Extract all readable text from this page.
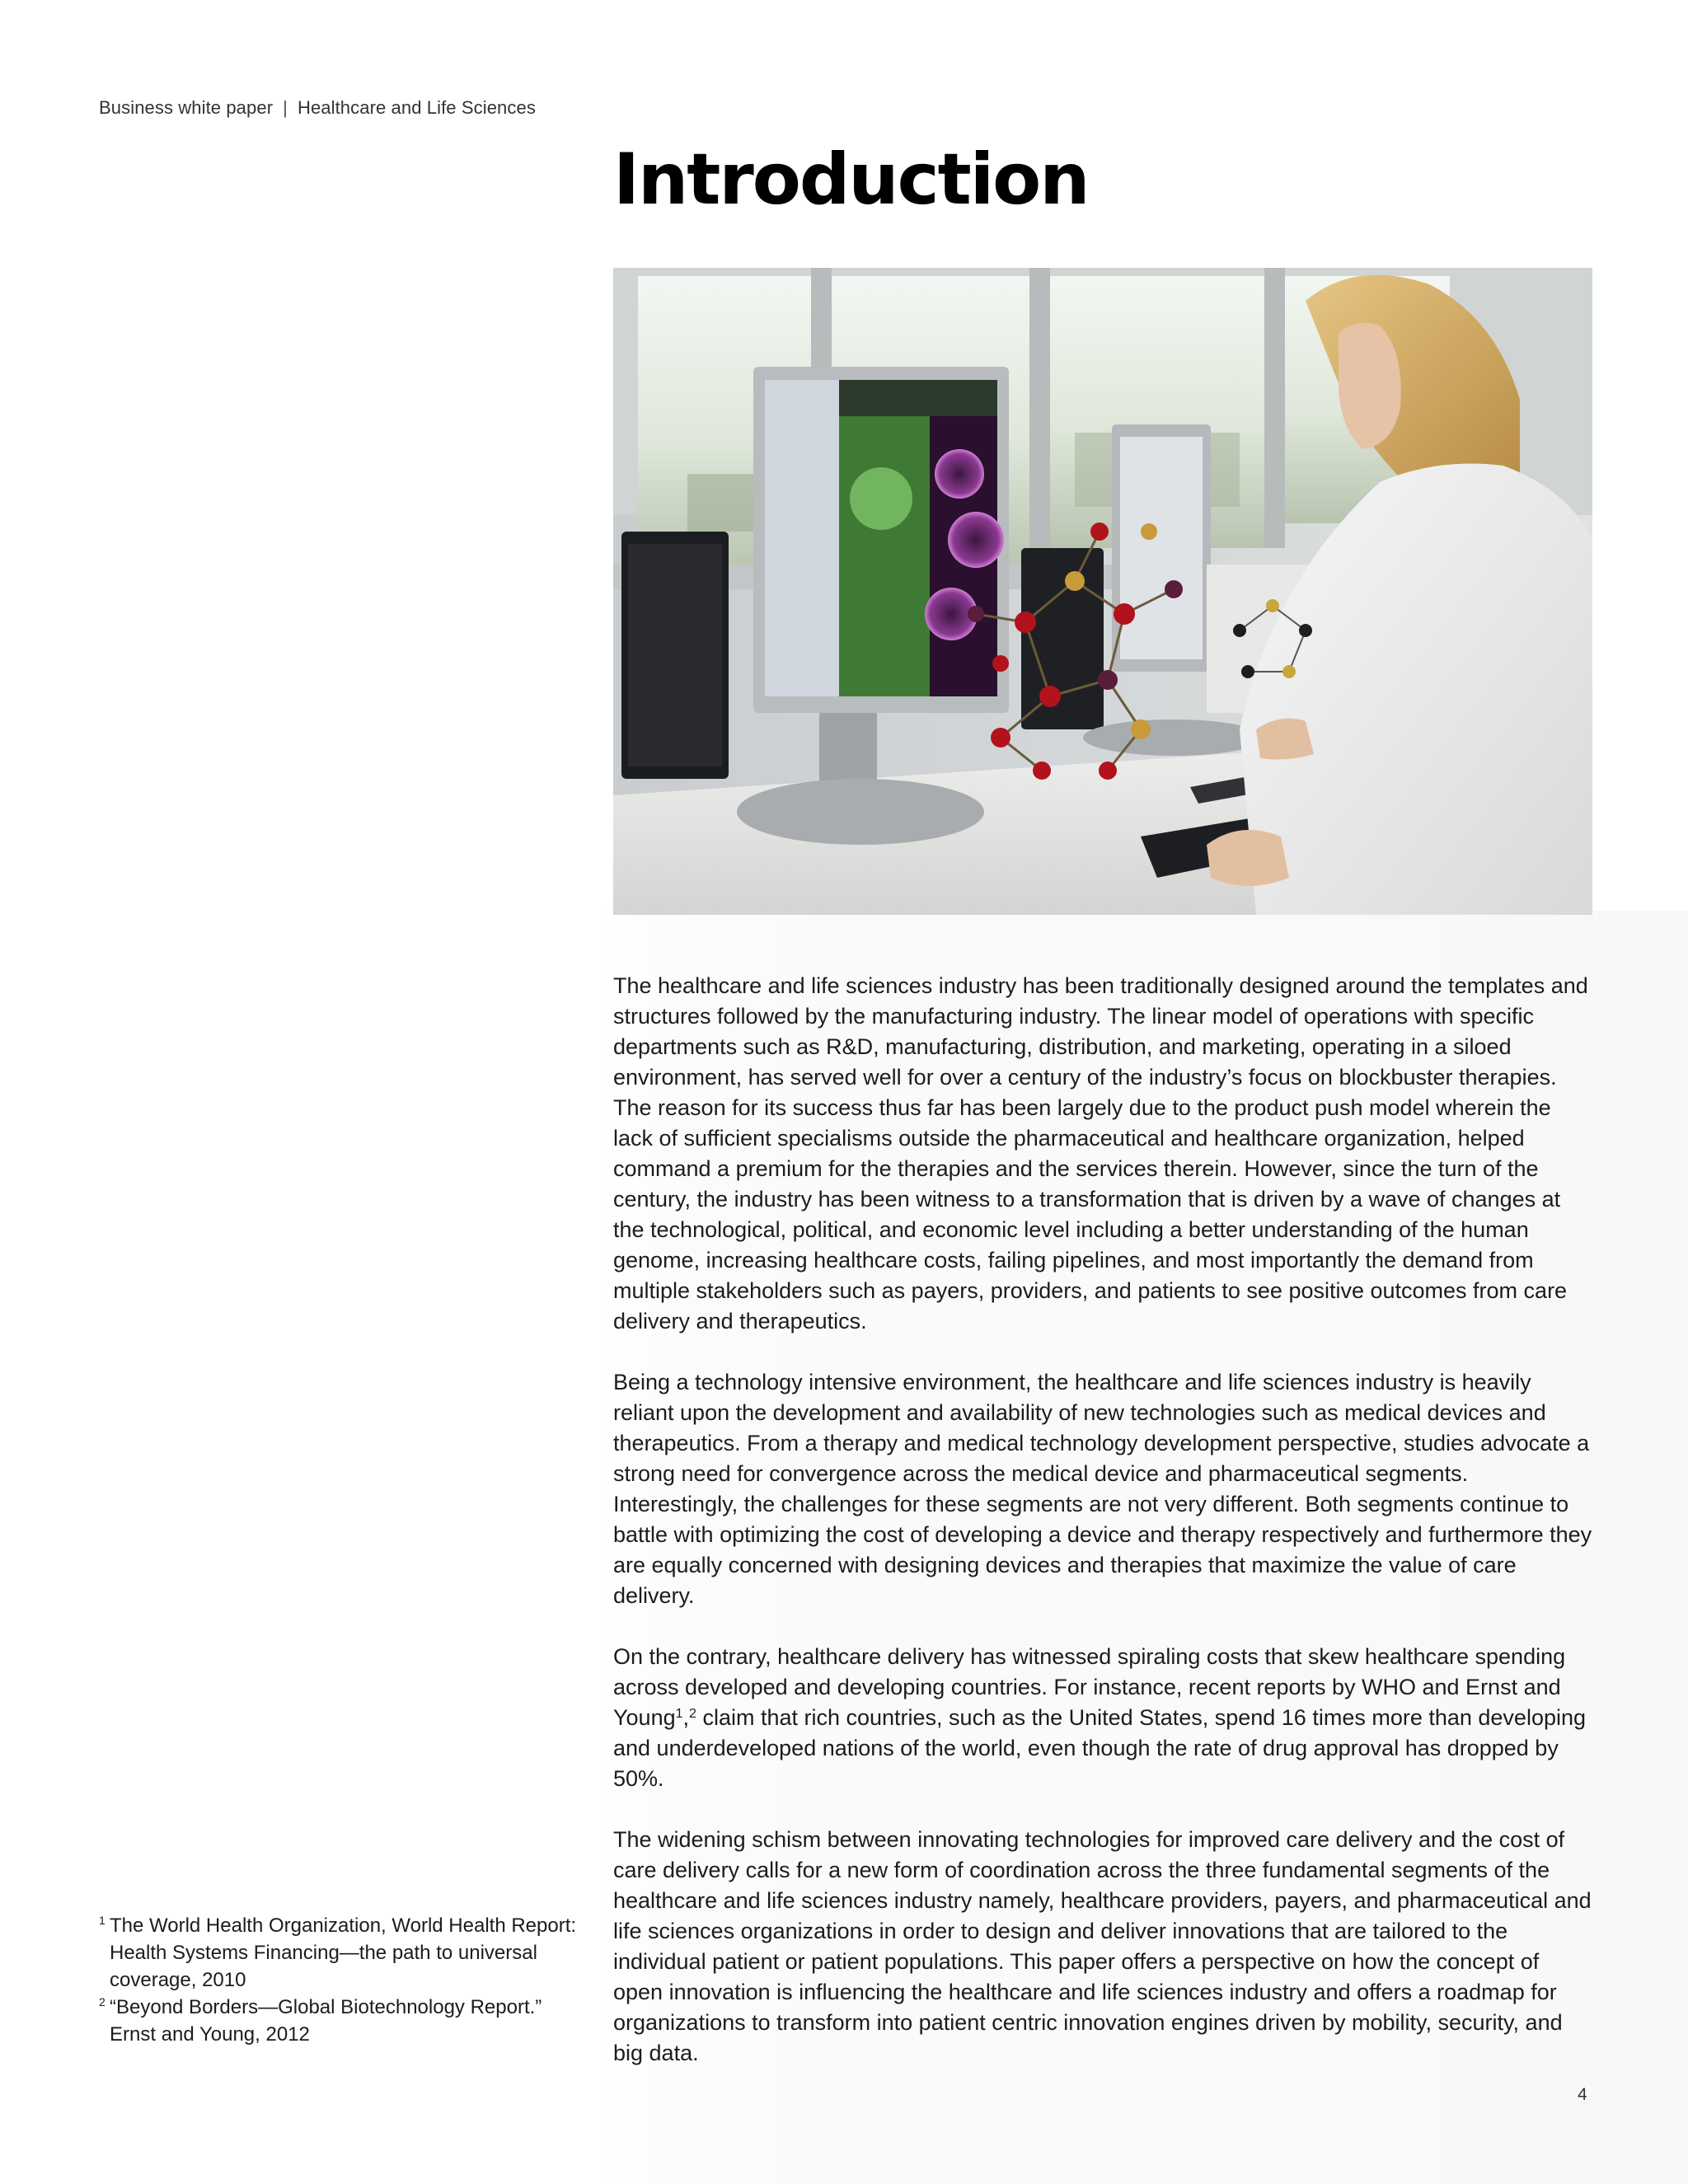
Business white paper | Healthcare and Life Sciences
Introduction

The healthcare and life sciences industry has been traditionally designed around the templates and structures followed by the manufacturing industry. The linear model of operations with specific departments such as R&D, manufacturing, distribution, and marketing, operating in a siloed environment, has served well for over a century of the industry’s focus on blockbuster therapies. The reason for its success thus far has been largely due to the product push model wherein the lack of sufficient specialisms outside the pharmaceutical and healthcare organization, helped command a premium for the therapies and the services therein. However, since the turn of the century, the industry has been witness to a transformation that is driven by a wave of changes at the technological, political, and economic level including a better understanding of the human genome, increasing healthcare costs, failing pipelines, and most importantly the demand from multiple stakeholders such as payers, providers, and patients to see positive outcomes from care delivery and therapeutics.

Being a technology intensive environment, the healthcare and life sciences industry is heavily reliant upon the development and availability of new technologies such as medical devices and therapeutics. From a therapy and medical technology development perspective, studies advocate a strong need for convergence across the medical device and pharmaceutical segments. Interestingly, the challenges for these segments are not very different. Both segments continue to battle with optimizing the cost of developing a device and therapy respectively and furthermore they are equally concerned with designing devices and therapies that maximize the value of care delivery.

On the contrary, healthcare delivery has witnessed spiraling costs that skew healthcare spending across developed and developing countries. For instance, recent reports by WHO and Ernst and Young$^1$,$^2$ claim that rich countries, such as the United States, spend 16 times more than developing and underdeveloped nations of the world, even though the rate of drug approval has dropped by 50%.

The widening schism between innovating technologies for improved care delivery and the cost of care delivery calls for a new form of coordination across the three fundamental segments of the healthcare and life sciences industry namely, healthcare providers, payers, and pharmaceutical and life sciences organizations in order to design and deliver innovations that are tailored to the individual patient or patient populations. This paper offers a perspective on how the concept of open innovation is influencing the healthcare and life sciences industry and offers a roadmap for organizations to transform into patient centric innovation engines driven by mobility, security, and big data.

1 The World Health Organization, World Health Report: Health Systems Financing—the path to universal coverage, 2010
2 “Beyond Borders—Global Biotechnology Report.” Ernst and Young, 2012
4
